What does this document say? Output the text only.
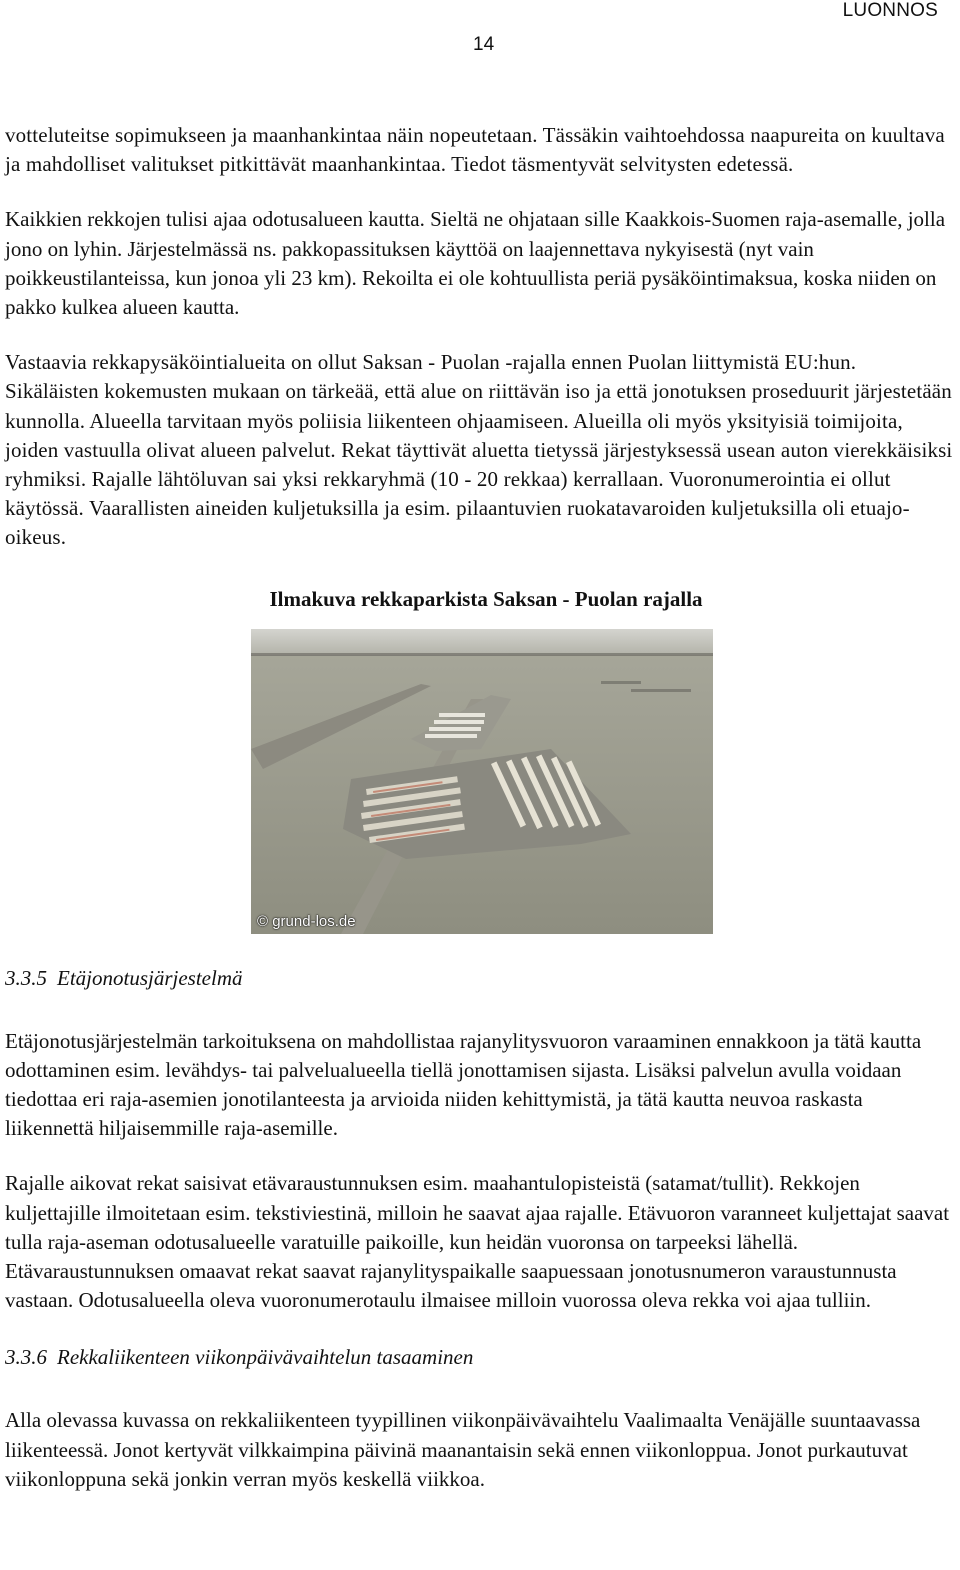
LUONNOS
14

votteluteitse sopimukseen ja maanhankintaa näin nopeutetaan. Tässäkin vaihtoehdossa naapureita on kuultava ja mahdolliset valitukset pitkittävät maanhankintaa. Tiedot täsmentyvät selvitysten edetessä.

Kaikkien rekkojen tulisi ajaa odotusalueen kautta. Sieltä ne ohjataan sille Kaakkois-Suomen raja-asemalle, jolla jono on lyhin. Järjestelmässä ns. pakkopassituksen käyttöä on laajennettava nykyisestä (nyt vain poikkeustilanteissa, kun jonoa yli 23 km). Rekoilta ei ole kohtuullista periä pysäköintimaksua, koska niiden on pakko kulkea alueen kautta.

Vastaavia rekkapysäköintialueita on ollut Saksan - Puolan -rajalla ennen Puolan liittymistä EU:hun. Sikäläisten kokemusten mukaan on tärkeää, että alue on riittävän iso ja että jonotuksen proseduurit järjestetään kunnolla. Alueella tarvitaan myös poliisia liikenteen ohjaamiseen. Alueilla oli myös yksityisiä toimijoita, joiden vastuulla olivat alueen palvelut. Rekat täyttivät aluetta tietyssä järjestyksessä usean auton vierekkäisiksi ryhmiksi. Rajalle lähtöluvan sai yksi rekkaryhmä (10 - 20 rekkaa) kerrallaan. Vuoronumerointia ei ollut käytössä. Vaarallisten aineiden kuljetuksilla ja esim. pilaantuvien ruokatavaroiden kuljetuksilla oli etuajo-oikeus.

Ilmakuva rekkaparkista Saksan - Puolan rajalla
© grund-los.de
3.3.5 Etäjonotusjärjestelmä

Etäjonotusjärjestelmän tarkoituksena on mahdollistaa rajanylitysvuoron varaaminen ennakkoon ja tätä kautta odottaminen esim. levähdys- tai palvelualueella tiellä jonottamisen sijasta. Lisäksi palvelun avulla voidaan tiedottaa eri raja-asemien jonotilanteesta ja arvioida niiden kehittymistä, ja tätä kautta neuvoa raskasta liikennettä hiljaisemmille raja-asemille.

Rajalle aikovat rekat saisivat etävaraustunnuksen esim. maahantulopisteistä (satamat/tullit). Rekkojen kuljettajille ilmoitetaan esim. tekstiviestinä, milloin he saavat ajaa rajalle. Etävuoron varanneet kuljettajat saavat tulla raja-aseman odotusalueelle varatuille paikoille, kun heidän vuoronsa on tarpeeksi lähellä. Etävaraustunnuksen omaavat rekat saavat rajanylityspaikalle saapuessaan jonotusnumeron varaustunnusta vastaan. Odotusalueella oleva vuoronumerotaulu ilmaisee milloin vuorossa oleva rekka voi ajaa tulliin.

3.3.6 Rekkaliikenteen viikonpäivävaihtelun tasaaminen

Alla olevassa kuvassa on rekkaliikenteen tyypillinen viikonpäivävaihtelu Vaalimaalta Venäjälle suuntaavassa liikenteessä. Jonot kertyvät vilkkaimpina päivinä maanantaisin sekä ennen viikonloppua. Jonot purkautuvat viikonloppuna sekä jonkin verran myös keskellä viikkoa.
